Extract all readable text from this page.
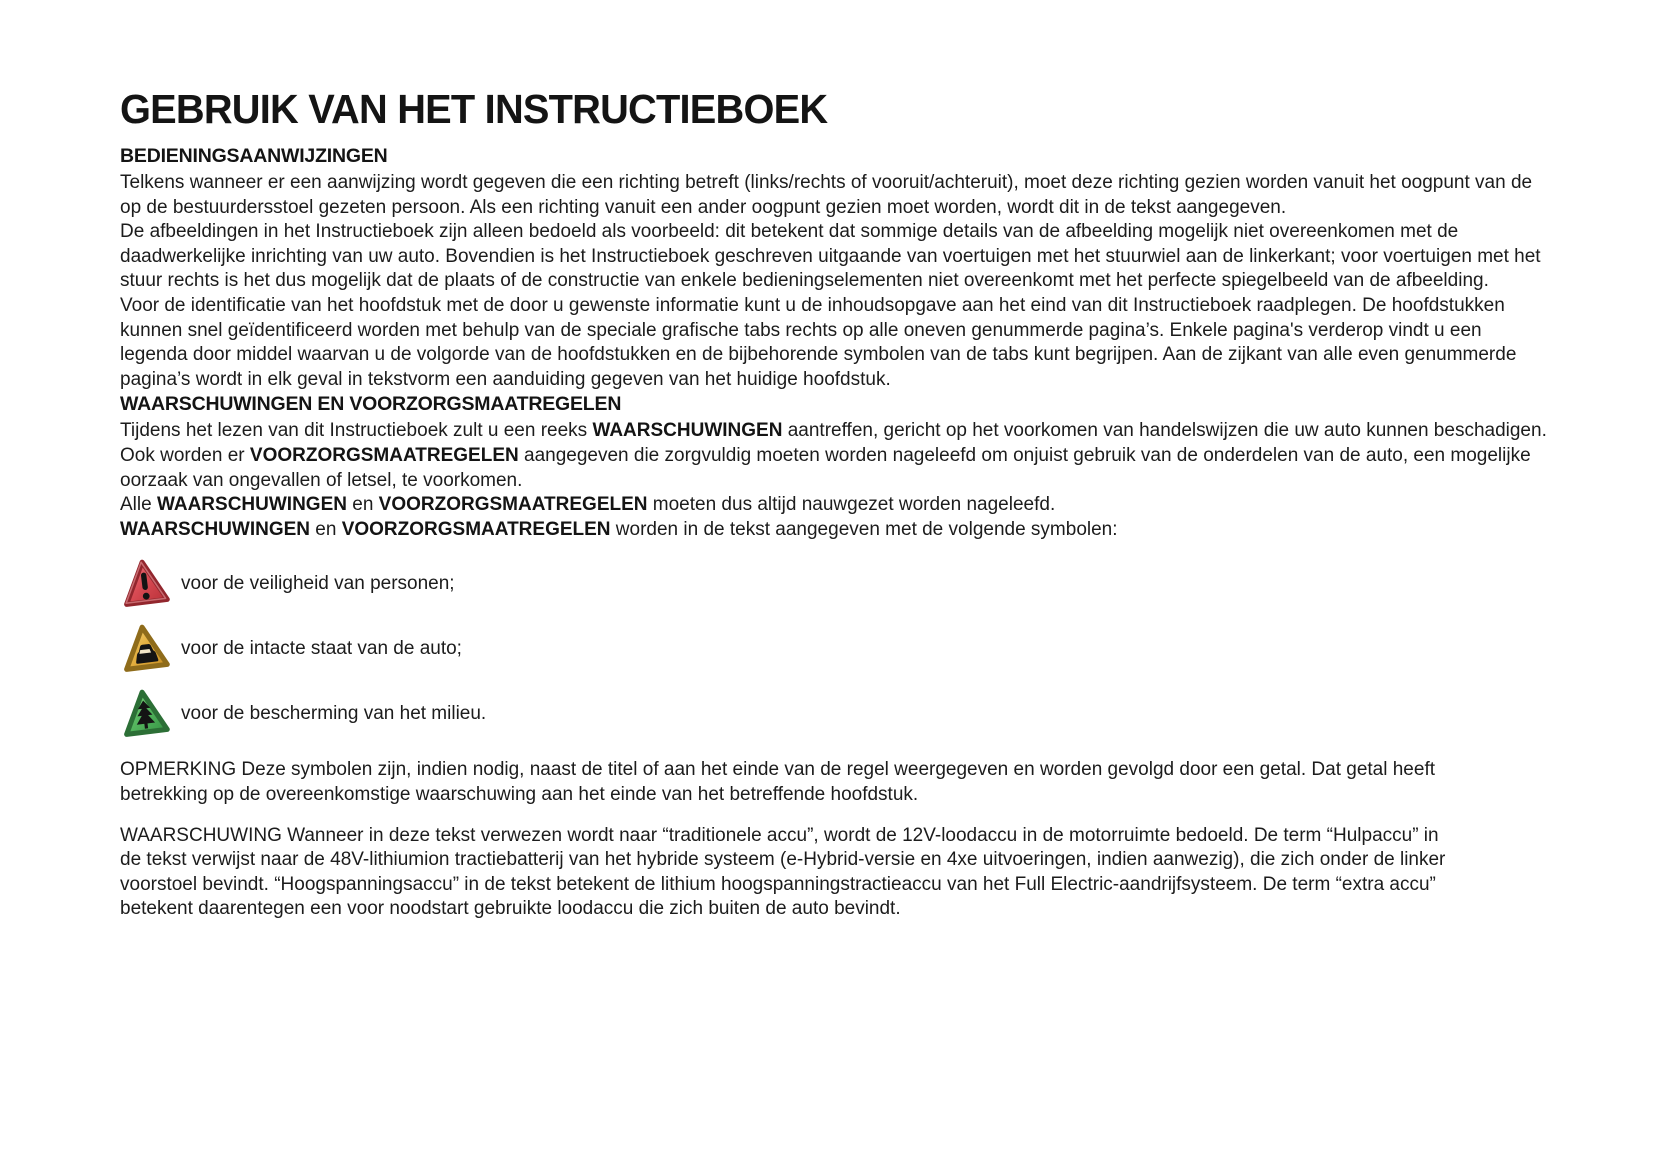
GEBRUIK VAN HET INSTRUCTIEBOEK
BEDIENINGSAANWIJZINGEN

Telkens wanneer er een aanwijzing wordt gegeven die een richting betreft (links/rechts of vooruit/achteruit), moet deze richting gezien worden vanuit het oogpunt van de op de bestuurdersstoel gezeten persoon. Als een richting vanuit een ander oogpunt gezien moet worden, wordt dit in de tekst aangegeven.

De afbeeldingen in het Instructieboek zijn alleen bedoeld als voorbeeld: dit betekent dat sommige details van de afbeelding mogelijk niet overeenkomen met de daadwerkelijke inrichting van uw auto. Bovendien is het Instructieboek geschreven uitgaande van voertuigen met het stuurwiel aan de linkerkant; voor voertuigen met het stuur rechts is het dus mogelijk dat de plaats of de constructie van enkele bedieningselementen niet overeenkomt met het perfecte spiegelbeeld van de afbeelding.

Voor de identificatie van het hoofdstuk met de door u gewenste informatie kunt u de inhoudsopgave aan het eind van dit Instructieboek raadplegen. De hoofdstukken kunnen snel geïdentificeerd worden met behulp van de speciale grafische tabs rechts op alle oneven genummerde pagina’s. Enkele pagina's verderop vindt u een legenda door middel waarvan u de volgorde van de hoofdstukken en de bijbehorende symbolen van de tabs kunt begrijpen. Aan de zijkant van alle even genummerde pagina’s wordt in elk geval in tekstvorm een aanduiding gegeven van het huidige hoofdstuk.

WAARSCHUWINGEN EN VOORZORGSMAATREGELEN

Tijdens het lezen van dit Instructieboek zult u een reeks WAARSCHUWINGEN aantreffen, gericht op het voorkomen van handelswijzen die uw auto kunnen beschadigen.

Ook worden er VOORZORGSMAATREGELEN aangegeven die zorgvuldig moeten worden nageleefd om onjuist gebruik van de onderdelen van de auto, een mogelijke oorzaak van ongevallen of letsel, te voorkomen.

Alle WAARSCHUWINGEN en VOORZORGSMAATREGELEN moeten dus altijd nauwgezet worden nageleefd.

WAARSCHUWINGEN en VOORZORGSMAATREGELEN worden in de tekst aangegeven met de volgende symbolen:

voor de veiligheid van personen;
voor de intacte staat van de auto;
voor de bescherming van het milieu.

OPMERKING Deze symbolen zijn, indien nodig, naast de titel of aan het einde van de regel weergegeven en worden gevolgd door een getal. Dat getal heeft betrekking op de overeenkomstige waarschuwing aan het einde van het betreffende hoofdstuk.

WAARSCHUWING Wanneer in deze tekst verwezen wordt naar “traditionele accu”, wordt de 12V-loodaccu in de motorruimte bedoeld. De term “Hulpaccu” in de tekst verwijst naar de 48V-lithiumion tractiebatterij van het hybride systeem (e-Hybrid-versie en 4xe uitvoeringen, indien aanwezig), die zich onder de linker voorstoel bevindt. “Hoogspanningsaccu” in de tekst betekent de lithium hoogspanningstractieaccu van het Full Electric-aandrijfsysteem. De term “extra accu” betekent daarentegen een voor noodstart gebruikte loodaccu die zich buiten de auto bevindt.
